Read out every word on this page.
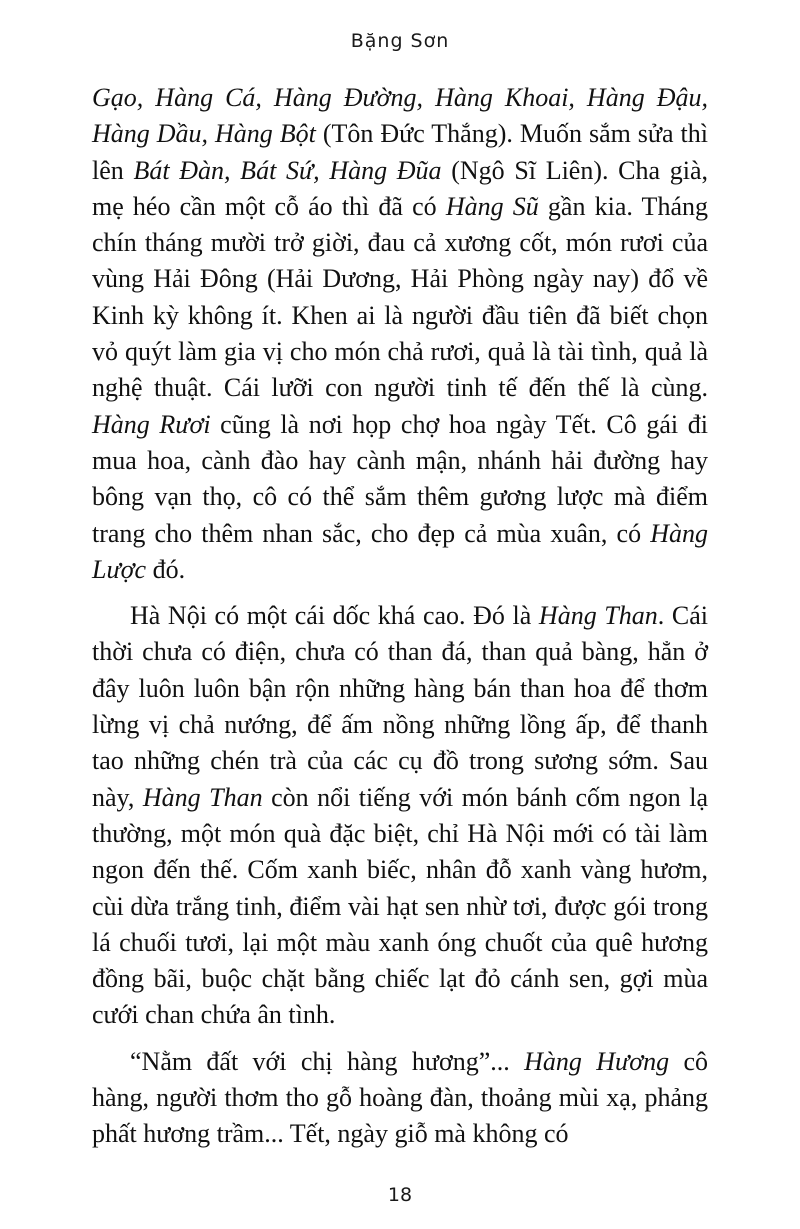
Bặng Sơn

Gạo, Hàng Cá, Hàng Đường, Hàng Khoai, Hàng Đậu, Hàng Dầu, Hàng Bột (Tôn Đức Thắng). Muốn sắm sửa thì lên Bát Đàn, Bát Sứ, Hàng Đũa (Ngô Sĩ Liên). Cha già, mẹ héo cần một cỗ áo thì đã có Hàng Sũ gần kia. Tháng chín tháng mười trở giời, đau cả xương cốt, món rươi của vùng Hải Đông (Hải Dương, Hải Phòng ngày nay) đổ về Kinh kỳ không ít. Khen ai là người đầu tiên đã biết chọn vỏ quýt làm gia vị cho món chả rươi, quả là tài tình, quả là nghệ thuật. Cái lưỡi con người tinh tế đến thế là cùng. Hàng Rươi cũng là nơi họp chợ hoa ngày Tết. Cô gái đi mua hoa, cành đào hay cành mận, nhánh hải đường hay bông vạn thọ, cô có thể sắm thêm gương lược mà điểm trang cho thêm nhan sắc, cho đẹp cả mùa xuân, có Hàng Lược đó.

Hà Nội có một cái dốc khá cao. Đó là Hàng Than. Cái thời chưa có điện, chưa có than đá, than quả bàng, hẳn ở đây luôn luôn bận rộn những hàng bán than hoa để thơm lừng vị chả nướng, để ấm nồng những lồng ấp, để thanh tao những chén trà của các cụ đồ trong sương sớm. Sau này, Hàng Than còn nổi tiếng với món bánh cốm ngon lạ thường, một món quà đặc biệt, chỉ Hà Nội mới có tài làm ngon đến thế. Cốm xanh biếc, nhân đỗ xanh vàng hươm, cùi dừa trắng tinh, điểm vài hạt sen nhừ tơi, được gói trong lá chuối tươi, lại một màu xanh óng chuốt của quê hương đồng bãi, buộc chặt bằng chiếc lạt đỏ cánh sen, gợi mùa cưới chan chứa ân tình.

“Nằm đất với chị hàng hương”... Hàng Hương cô hàng, người thơm tho gỗ hoàng đàn, thoảng mùi xạ, phảng phất hương trầm... Tết, ngày giỗ mà không có

18
